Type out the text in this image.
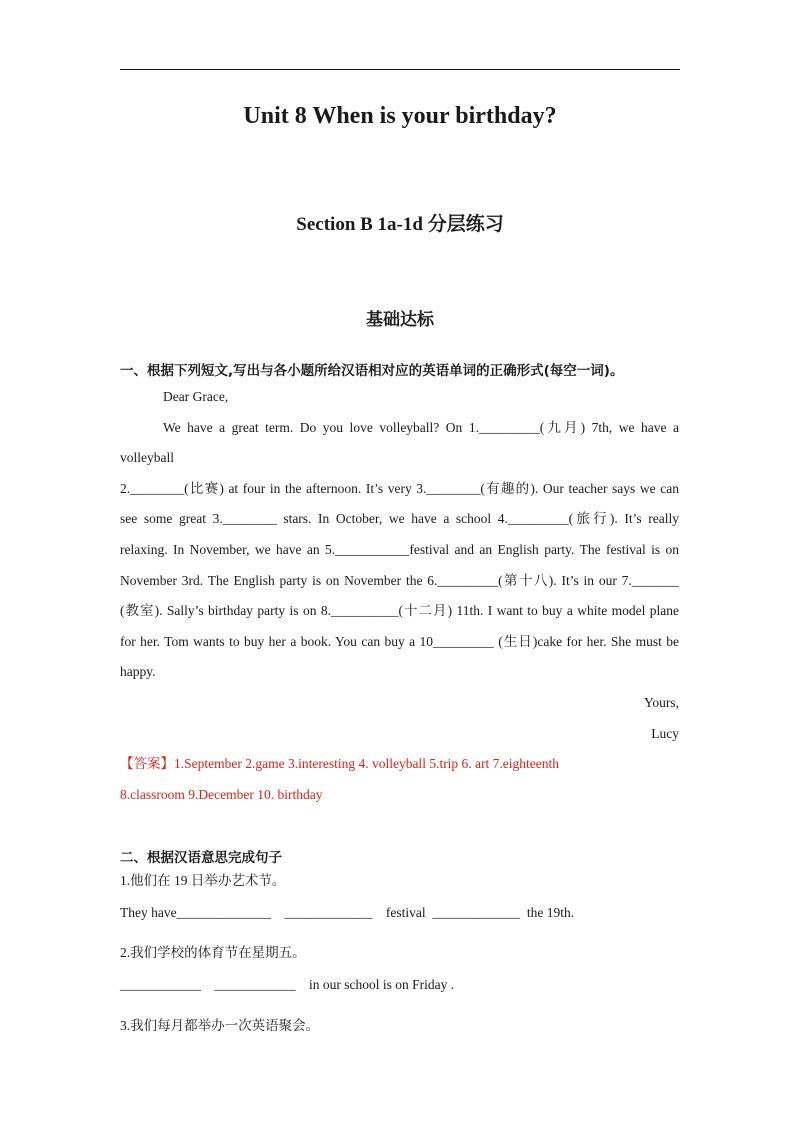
Unit 8 When is your birthday?
Section B 1a-1d 分层练习
基础达标
一、根据下列短文,写出与各小题所给汉语相对应的英语单词的正确形式(每空一词)。
Dear Grace,
We have a great term. Do you love volleyball? On 1._________(九月) 7th, we have a
volleyball
2.________(比赛) at four in the afternoon. It’s very 3.________(有趣的). Our teacher says we can
see some great 3.________ stars. In October, we have a school 4._________(旅行). It’s really
relaxing. In November, we have an 5.___________festival and an English party. The festival is on
November 3rd. The English party is on November the 6._________(第十八). It’s in our 7._______
(教室). Sally’s birthday party is on 8.__________(十二月) 11th. I want to buy a white model plane
for her. Tom wants to buy her a book. You can buy a 10_________ (生日)cake for her. She must be
happy.
Yours,
Lucy
【答案】1.September 2.game 3.interesting 4. volleyball 5.trip 6. art 7.eighteenth
8.classroom 9.December 10. birthday
二、根据汉语意思完成句子
1.他们在 19 日举办艺术节。
They have______________    _____________    festival  _____________  the 19th.
2.我们学校的体育节在星期五。
____________    ____________    in our school is on Friday .
3.我们每月都举办一次英语聚会。
